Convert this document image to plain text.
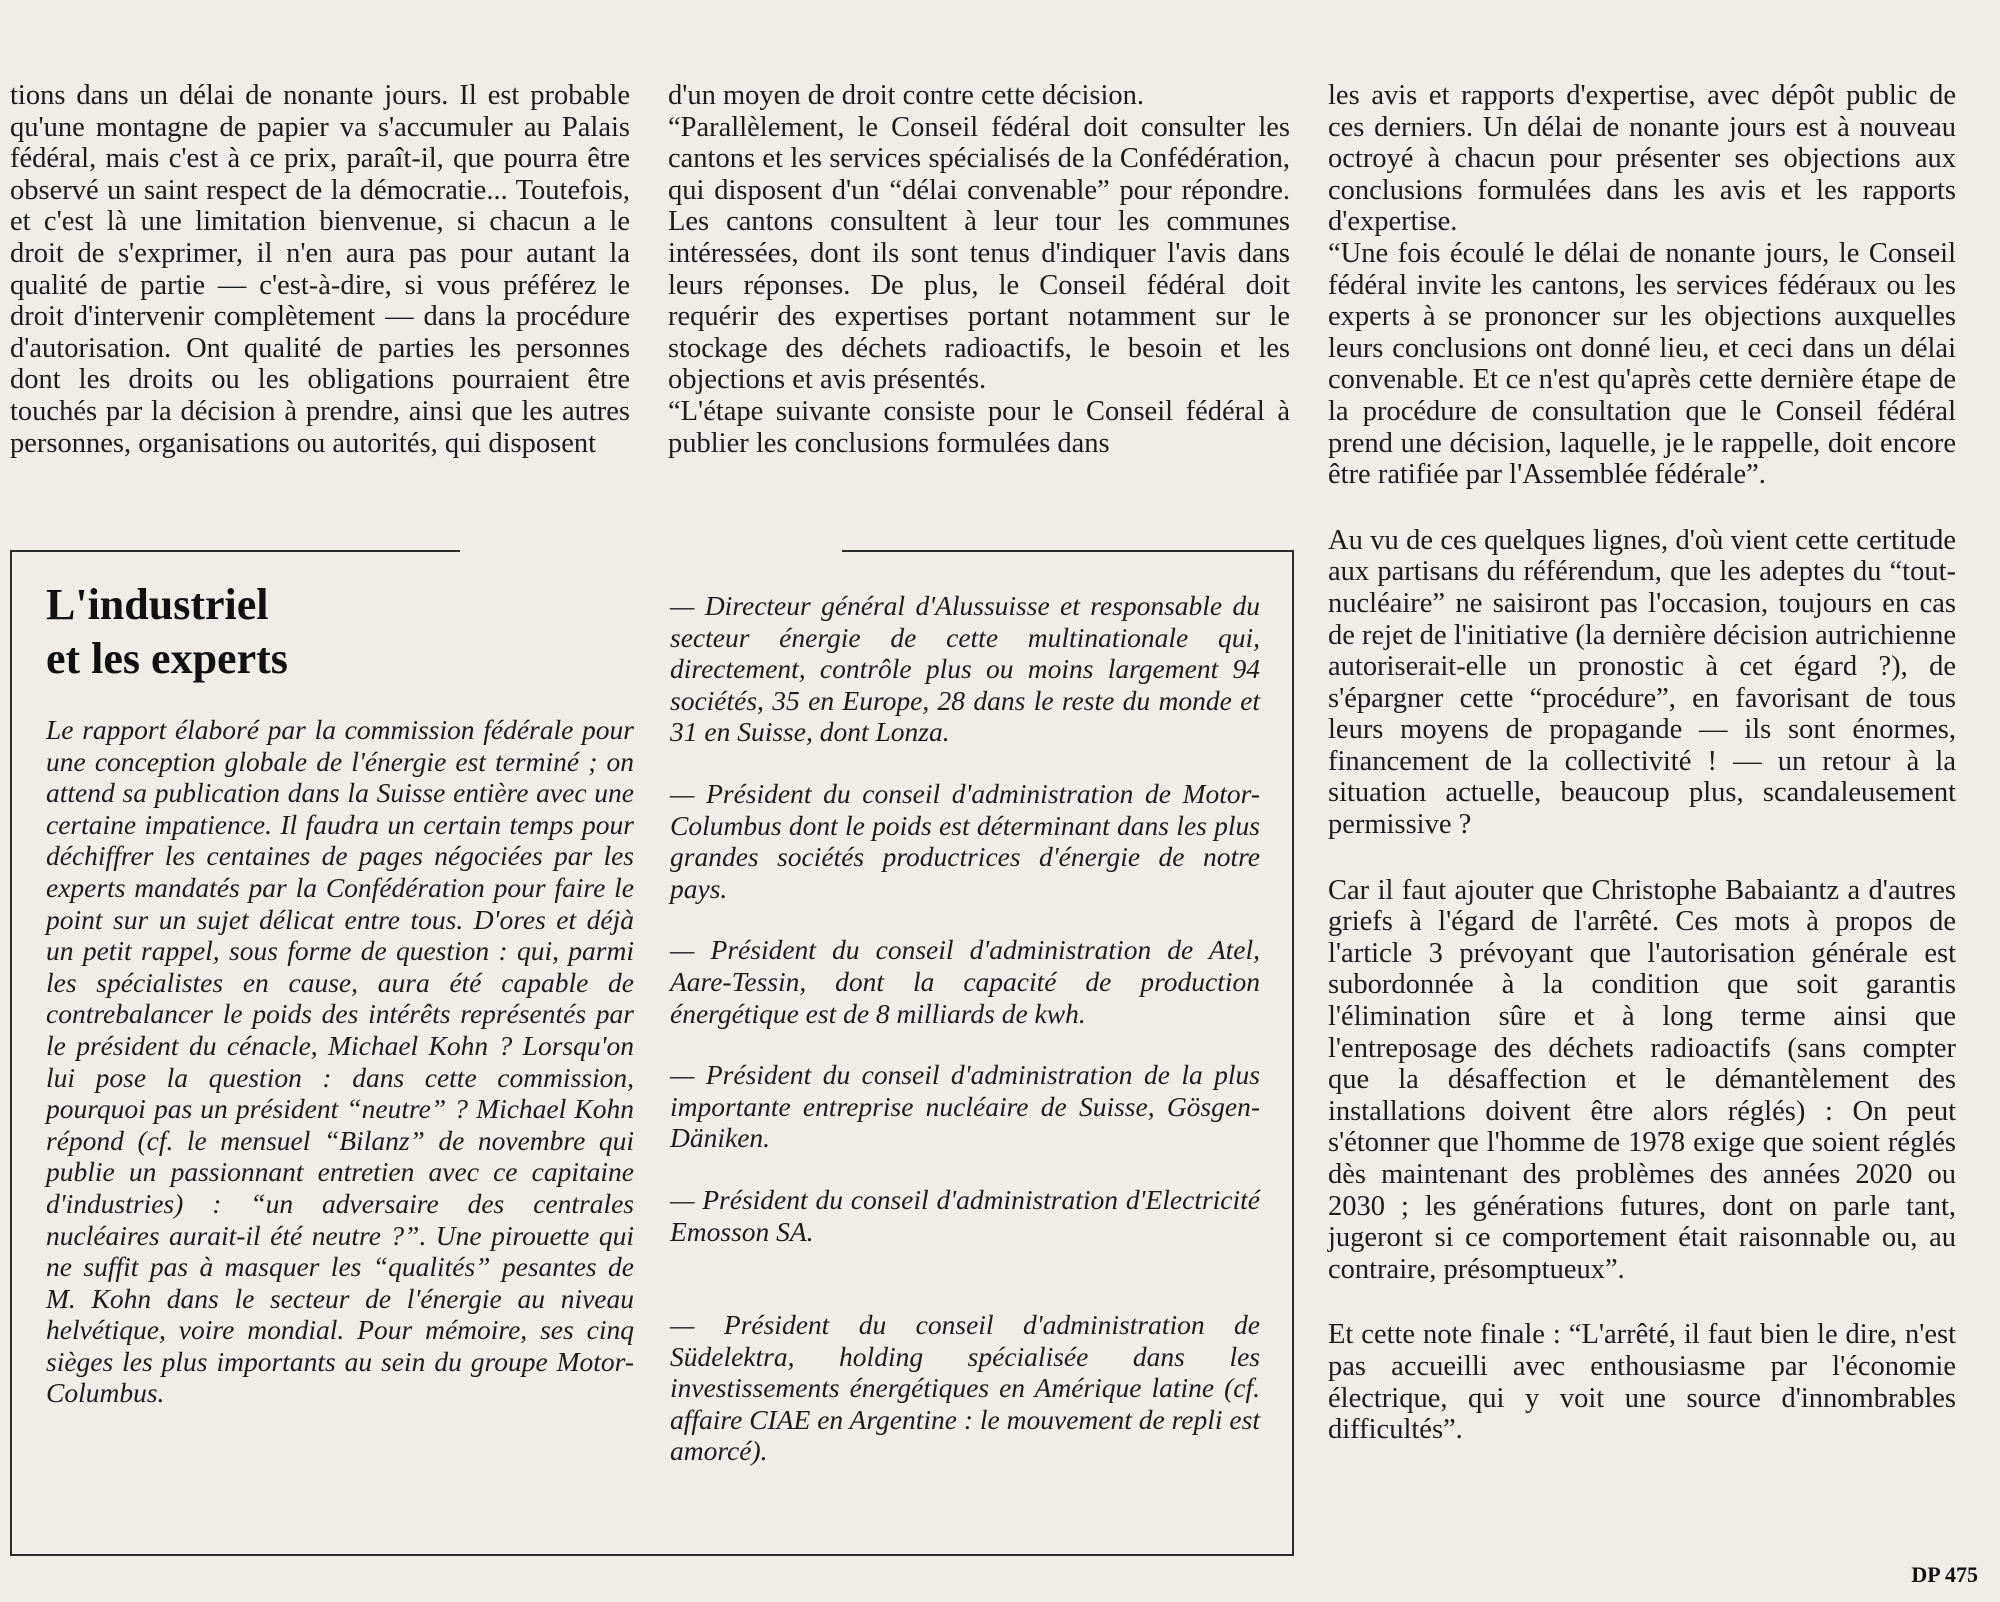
tions dans un délai de nonante jours. Il est probable qu'une montagne de papier va s'accumuler au Palais fédéral, mais c'est à ce prix, paraît-il, que pourra être observé un saint respect de la démocratie... Toutefois, et c'est là une limitation bienvenue, si chacun a le droit de s'exprimer, il n'en aura pas pour autant la qualité de partie — c'est-à-dire, si vous préférez le droit d'intervenir complètement — dans la procédure d'autorisation. Ont qualité de parties les personnes dont les droits ou les obligations pourraient être touchés par la décision à prendre, ainsi que les autres personnes, organisations ou autorités, qui disposent

d'un moyen de droit contre cette décision.

“Parallèlement, le Conseil fédéral doit consulter les cantons et les services spécialisés de la Confédération, qui disposent d'un “délai convenable” pour répondre. Les cantons consultent à leur tour les communes intéressées, dont ils sont tenus d'indiquer l'avis dans leurs réponses. De plus, le Conseil fédéral doit requérir des expertises portant notamment sur le stockage des déchets radioactifs, le besoin et les objections et avis présentés.

“L'étape suivante consiste pour le Conseil fédéral à publier les conclusions formulées dans

les avis et rapports d'expertise, avec dépôt public de ces derniers. Un délai de nonante jours est à nouveau octroyé à chacun pour présenter ses objections aux conclusions formulées dans les avis et les rapports d'expertise.

“Une fois écoulé le délai de nonante jours, le Conseil fédéral invite les cantons, les services fédéraux ou les experts à se prononcer sur les objections auxquelles leurs conclusions ont donné lieu, et ceci dans un délai convenable. Et ce n'est qu'après cette dernière étape de la procédure de consultation que le Conseil fédéral prend une décision, laquelle, je le rappelle, doit encore être ratifiée par l'Assemblée fédérale”.

Au vu de ces quelques lignes, d'où vient cette certitude aux partisans du référendum, que les adeptes du “tout-nucléaire” ne saisiront pas l'occasion, toujours en cas de rejet de l'initiative (la dernière décision autrichienne autoriserait-elle un pronostic à cet égard ?), de s'épargner cette “procédure”, en favorisant de tous leurs moyens de propagande — ils sont énormes, financement de la collectivité ! — un retour à la situation actuelle, beaucoup plus, scandaleusement permissive ?

Car il faut ajouter que Christophe Babaiantz a d'autres griefs à l'égard de l'arrêté. Ces mots à propos de l'article 3 prévoyant que l'autorisation générale est subordonnée à la condition que soit garantis l'élimination sûre et à long terme ainsi que l'entreposage des déchets radioactifs (sans compter que la désaffection et le démantèlement des installations doivent être alors réglés) : On peut s'étonner que l'homme de 1978 exige que soient réglés dès maintenant des problèmes des années 2020 ou 2030 ; les générations futures, dont on parle tant, jugeront si ce comportement était raisonnable ou, au contraire, présomptueux”.

Et cette note finale : “L'arrêté, il faut bien le dire, n'est pas accueilli avec enthousiasme par l'économie électrique, qui y voit une source d'innombrables difficultés”.

L'industriel
et les experts

Le rapport élaboré par la commission fédérale pour une conception globale de l'énergie est terminé ; on attend sa publication dans la Suisse entière avec une certaine impatience. Il faudra un certain temps pour déchiffrer les centaines de pages négociées par les experts mandatés par la Confédération pour faire le point sur un sujet délicat entre tous. D'ores et déjà un petit rappel, sous forme de question : qui, parmi les spécialistes en cause, aura été capable de contrebalancer le poids des intérêts représentés par le président du cénacle, Michael Kohn ? Lorsqu'on lui pose la question : dans cette commission, pourquoi pas un président “neutre” ? Michael Kohn répond (cf. le mensuel “Bilanz” de novembre qui publie un passionnant entretien avec ce capitaine d'industries) : “un adversaire des centrales nucléaires aurait-il été neutre ?”. Une pirouette qui ne suffit pas à masquer les “qualités” pesantes de M. Kohn dans le secteur de l'énergie au niveau helvétique, voire mondial. Pour mémoire, ses cinq sièges les plus importants au sein du groupe Motor-Columbus.

— Directeur général d'Alussuisse et responsable du secteur énergie de cette multinationale qui, directement, contrôle plus ou moins largement 94 sociétés, 35 en Europe, 28 dans le reste du monde et 31 en Suisse, dont Lonza.

— Président du conseil d'administration de Motor-Columbus dont le poids est déterminant dans les plus grandes sociétés productrices d'énergie de notre pays.

— Président du conseil d'administration de Atel, Aare-Tessin, dont la capacité de production énergétique est de 8 milliards de kwh.

— Président du conseil d'administration de la plus importante entreprise nucléaire de Suisse, Gösgen-Däniken.

— Président du conseil d'administration d'Electricité Emosson SA.

— Président du conseil d'administration de Südelektra, holding spécialisée dans les investissements énergétiques en Amérique latine (cf. affaire CIAE en Argentine : le mouvement de repli est amorcé).

DP 475
